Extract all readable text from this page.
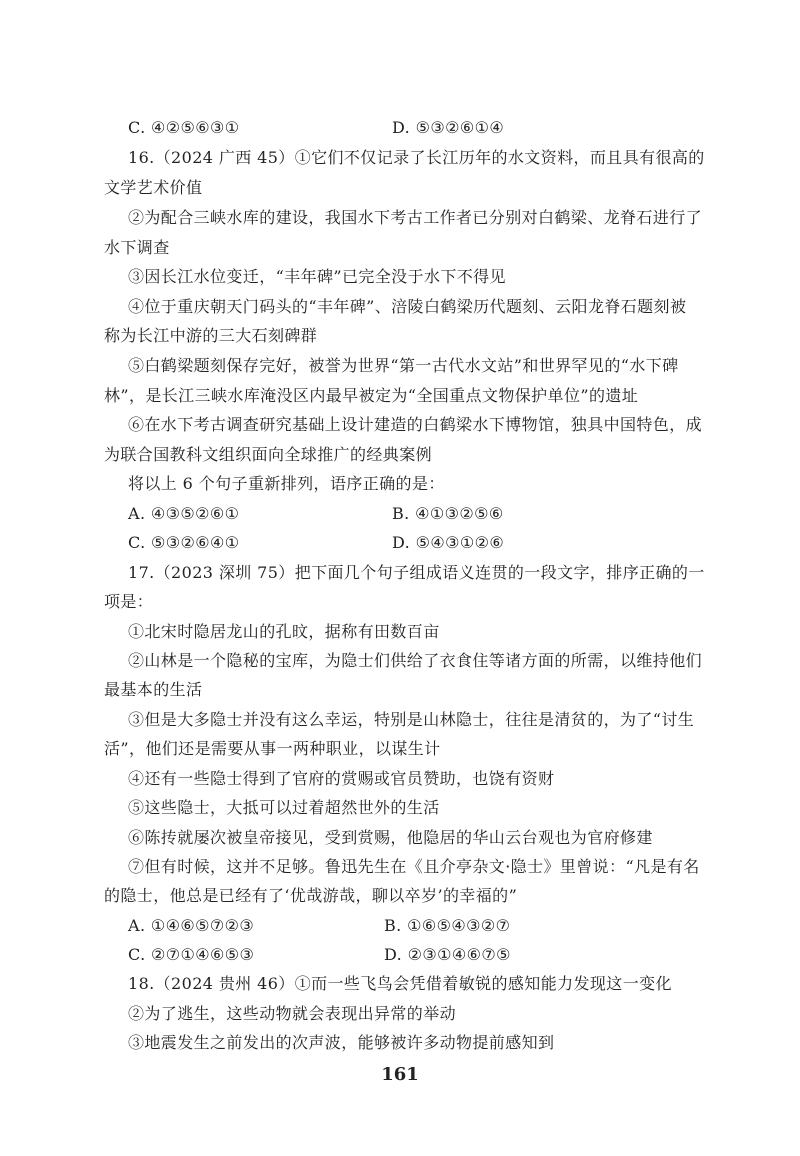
C. ④②⑤⑥③①	D. ⑤③②⑥①④
16.（2024 广西 45）①它们不仅记录了长江历年的水文资料，而且具有很高的
文学艺术价值
②为配合三峡水库的建设，我国水下考古工作者已分别对白鹤梁、龙脊石进行了
水下调查
③因长江水位变迁，“丰年碑”已完全没于水下不得见
④位于重庆朝天门码头的“丰年碑”、涪陵白鹤梁历代题刻、云阳龙脊石题刻被
称为长江中游的三大石刻碑群
⑤白鹤梁题刻保存完好，被誉为世界“第一古代水文站”和世界罕见的“水下碑
林”，是长江三峡水库淹没区内最早被定为“全国重点文物保护单位”的遗址
⑥在水下考古调查研究基础上设计建造的白鹤梁水下博物馆，独具中国特色，成
为联合国教科文组织面向全球推广的经典案例
将以上 6 个句子重新排列，语序正确的是：
A. ④③⑤②⑥①	B. ④①③②⑤⑥
C. ⑤③②⑥④①	D. ⑤④③①②⑥
17.（2023 深圳 75）把下面几个句子组成语义连贯的一段文字，排序正确的一
项是：
①北宋时隐居龙山的孔旼，据称有田数百亩
②山林是一个隐秘的宝库，为隐士们供给了衣食住等诸方面的所需，以维持他们
最基本的生活
③但是大多隐士并没有这么幸运，特别是山林隐士，往往是清贫的，为了“讨生
活”，他们还是需要从事一两种职业，以谋生计
④还有一些隐士得到了官府的赏赐或官员赞助，也饶有资财
⑤这些隐士，大抵可以过着超然世外的生活
⑥陈抟就屡次被皇帝接见，受到赏赐，他隐居的华山云台观也为官府修建
⑦但有时候，这并不足够。鲁迅先生在《且介亭杂文·隐士》里曾说：“凡是有名
的隐士，他总是已经有了‘优哉游哉，聊以卒岁’的幸福的”
A. ①④⑥⑤⑦②③	B. ①⑥⑤④③②⑦
C. ②⑦①④⑥⑤③	D. ②③①④⑥⑦⑤
18.（2024 贵州 46）①而一些飞鸟会凭借着敏锐的感知能力发现这一变化
②为了逃生，这些动物就会表现出异常的举动
③地震发生之前发出的次声波，能够被许多动物提前感知到
161
